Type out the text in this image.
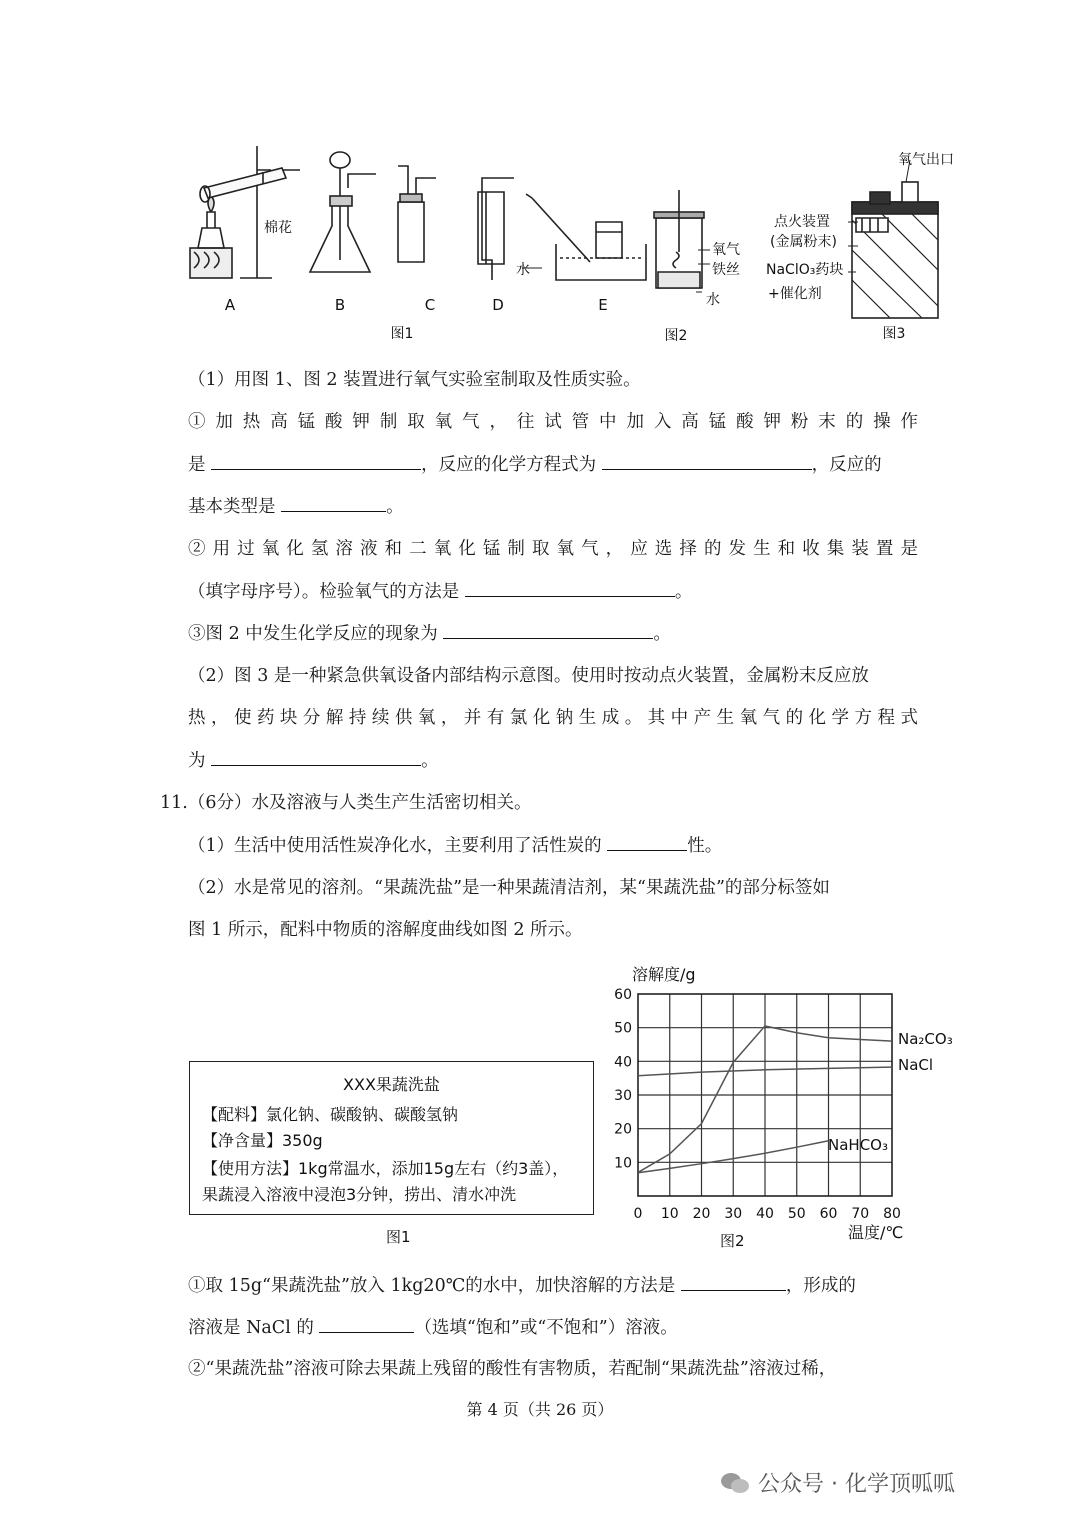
A	B	C	D	E
棉花
水
氧气
铁丝
水
氧气出口
点火装置
(金属粉末)
NaClO₃药块
+催化剂
图1	图2	图3
（1）用图 1、图 2 装置进行氧气实验室制取及性质实验。
①加热高锰酸钾制取氧气，往试管中加入高锰酸钾粉末的操作
是	，反应的化学方程式为	，反应的
基本类型是	。
②用过氧化氢溶液和二氧化锰制取氧气，应选择的发生和收集装置是
（填字母序号）。检验氧气的方法是	。
③图 2 中发生化学反应的现象为	。
（2）图 3 是一种紧急供氧设备内部结构示意图。使用时按动点火装置，金属粉末反应放
热，使药块分解持续供氧，并有氯化钠生成。其中产生氧气的化学方程式
为	。
11.（6分）水及溶液与人类生产生活密切相关。
（1）生活中使用活性炭净化水，主要利用了活性炭的	性。
（2）水是常见的溶剂。“果蔬洗盐”是一种果蔬清洁剂，某“果蔬洗盐”的部分标签如
图 1 所示，配料中物质的溶解度曲线如图 2 所示。
XXX果蔬洗盐
【配料】氯化钠、碳酸钠、碳酸氢钠
【净含量】350g
【使用方法】1kg常温水，添加15g左右（约3盖），
果蔬浸入溶液中浸泡3分钟，捞出、清水冲洗
图1
0 10 20 30 40 50 60 70 80
10
20
30
40
50
60
溶解度/g
温度/℃
Na₂CO₃
NaCl
NaHCO₃
图2
①取 15g“果蔬洗盐”放入 1kg20℃的水中，加快溶解的方法是	，形成的
溶液是 NaCl 的	（选填“饱和”或“不饱和”）溶液。
②“果蔬洗盐”溶液可除去果蔬上残留的酸性有害物质，若配制“果蔬洗盐”溶液过稀，
第 4 页（共 26 页）
公众号 · 化学顶呱呱
